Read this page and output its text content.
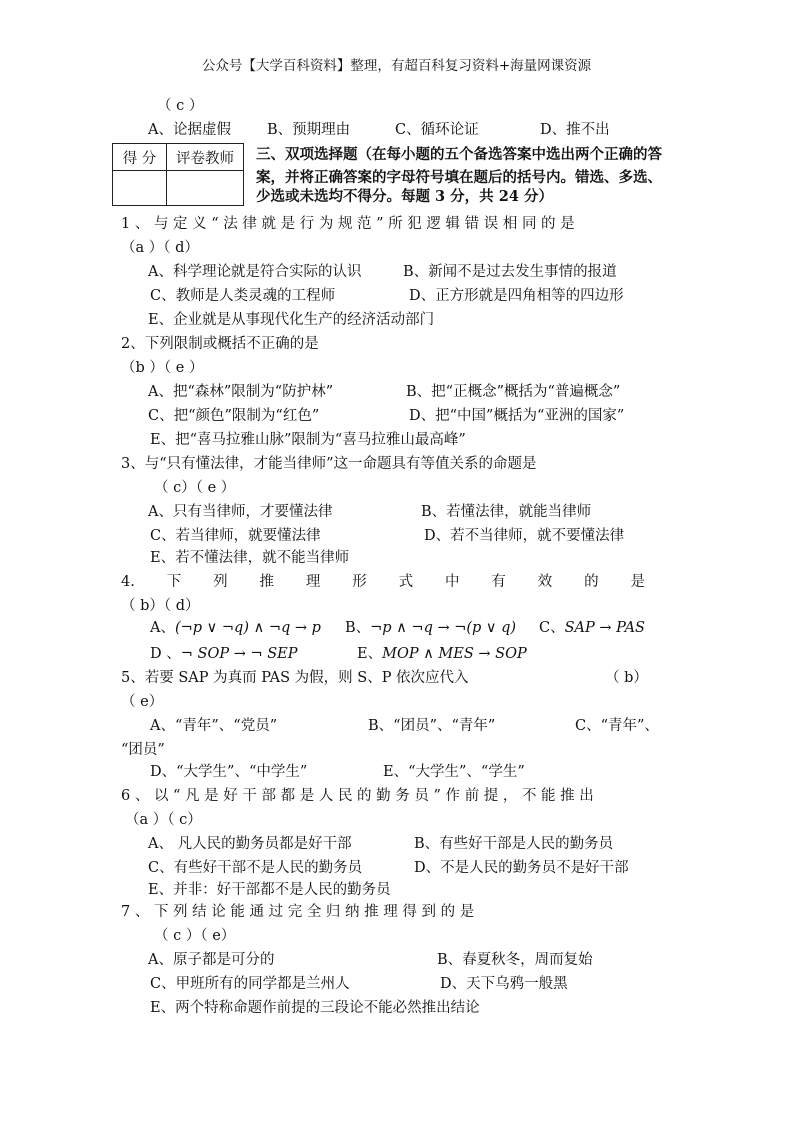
公众号【大学百科资料】整理，有超百科复习资料+海量网课资源
（ c ）
A、论据虚假 B、预期理由	C、循环论证	D、推不出
得 分	评卷教师
	三、双项选择题（在每小题的五个备选答案中选出两个正确的答
案，并将正确答案的字母符号填在题后的括号内。错选、多选、
少选或未选均不得分。每题 3 分，共 24 分）
1 、 与 定 义 “ 法 律 就 是 行 为 规 范 ” 所 犯 逻 辑 错 误 相 同 的 是
（a ）（ d）
A、科学理论就是符合实际的认识	B、新闻不是过去发生事情的报道
C、教师是人类灵魂的工程师	D、正方形就是四角相等的四边形
E、企业就是从事现代化生产的经济活动部门
2、下列限制或概括不正确的是
（b ）（ e ）
A、把“森林”限制为“防护林”	B、把“正概念”概括为“普遍概念”
C、把“颜色”限制为“红色”	D、把“中国”概括为“亚洲的国家”
E、把“喜马拉雅山脉”限制为“喜马拉雅山最高峰”
3、与“只有懂法律，才能当律师”这一命题具有等值关系的命题是
（ c）（ e ）
A、只有当律师，才要懂法律	B、若懂法律，就能当律师
C、若当律师，就要懂法律	D、若不当律师，就不要懂法律
E、若不懂法律，就不能当律师
4. 下 列 推 理 形 式 中 有 效 的 是
（ b）（ d）
A、(¬p ∨ ¬q) ∧ ¬q → p B、¬p ∧ ¬q → ¬(p ∨ q) C、SAP → PAS
D 、¬ SOP → ¬ SEP	E、MOP ∧ MES → SOP
5、若要 SAP 为真而 PAS 为假，则 S、P 依次应代入	（ b）
（ e）
A、“青年”、“党员”	B、“团员”、“青年”	C、“青年”、
“团员”
D、“大学生”、“中学生”	E、“大学生”、“学生”
6 、 以 “ 凡 是 好 干 部 都 是 人 民 的 勤 务 员 ” 作 前 提 ， 不 能 推 出
（a ）（ c）
A、 凡人民的勤务员都是好干部	B、有些好干部是人民的勤务员
C、有些好干部不是人民的勤务员	D、不是人民的勤务员不是好干部
E、并非：好干部都不是人民的勤务员
7 、 下 列 结 论 能 通 过 完 全 归 纳 推 理 得 到 的 是
（ c ）（ e）
A、原子都是可分的	B、春夏秋冬，周而复始
C、甲班所有的同学都是兰州人	D、天下乌鸦一般黑
E、两个特称命题作前提的三段论不能必然推出结论
